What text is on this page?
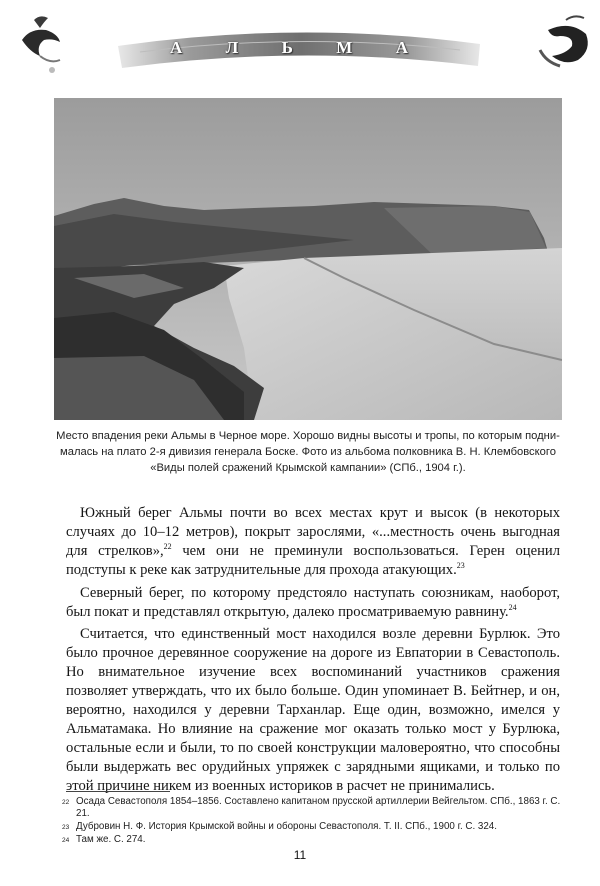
А Л Ь М А
Место впадения реки Альмы в Черное море. Хорошо видны высоты и тропы, по которым подни-
малась на плато 2-я дивизия генерала Боске. Фото из альбома полковника В. Н. Клембовского
«Виды полей сражений Крымской кампании» (СПб., 1904 г.).

Южный берег Альмы почти во всех местах крут и высок (в некоторых случаях до 10–12 метров), покрыт зарослями, «...местность очень выгодная для стрелков»,$^{22}$ чем они не преминули воспользоваться. Герен оценил подступы к реке как затруднительные для прохода атакующих.$^{23}$

Северный берег, по которому предстояло наступать союзникам, наоборот, был покат и представлял открытую, далеко просматриваемую равнину.$^{24}$

Считается, что единственный мост находился возле деревни Бурлюк. Это было прочное деревянное сооружение на дороге из Евпатории в Севастополь. Но внимательное изучение всех воспоминаний участников сражения позволяет утверждать, что их было больше. Один упоминает В. Бейтнер, и он, вероятно, находился у деревни Тарханлар. Еще один, возможно, имелся у Альматамака. Но влияние на сражение мог оказать только мост у Бурлюка, остальные если и были, то по своей конструкции маловероятно, что способны были выдержать вес орудийных упряжек с зарядными ящиками, и только по этой причине никем из военных историков в расчет не принимались.

22 Осада Севастополя 1854–1856. Составлено капитаном прусской артиллерии Вейгельтом. СПб., 1863 г. С. 21.
23 Дубровин Н. Ф. История Крымской войны и обороны Севастополя. Т. II. СПб., 1900 г. С. 324.
24 Там же. С. 274.
11
